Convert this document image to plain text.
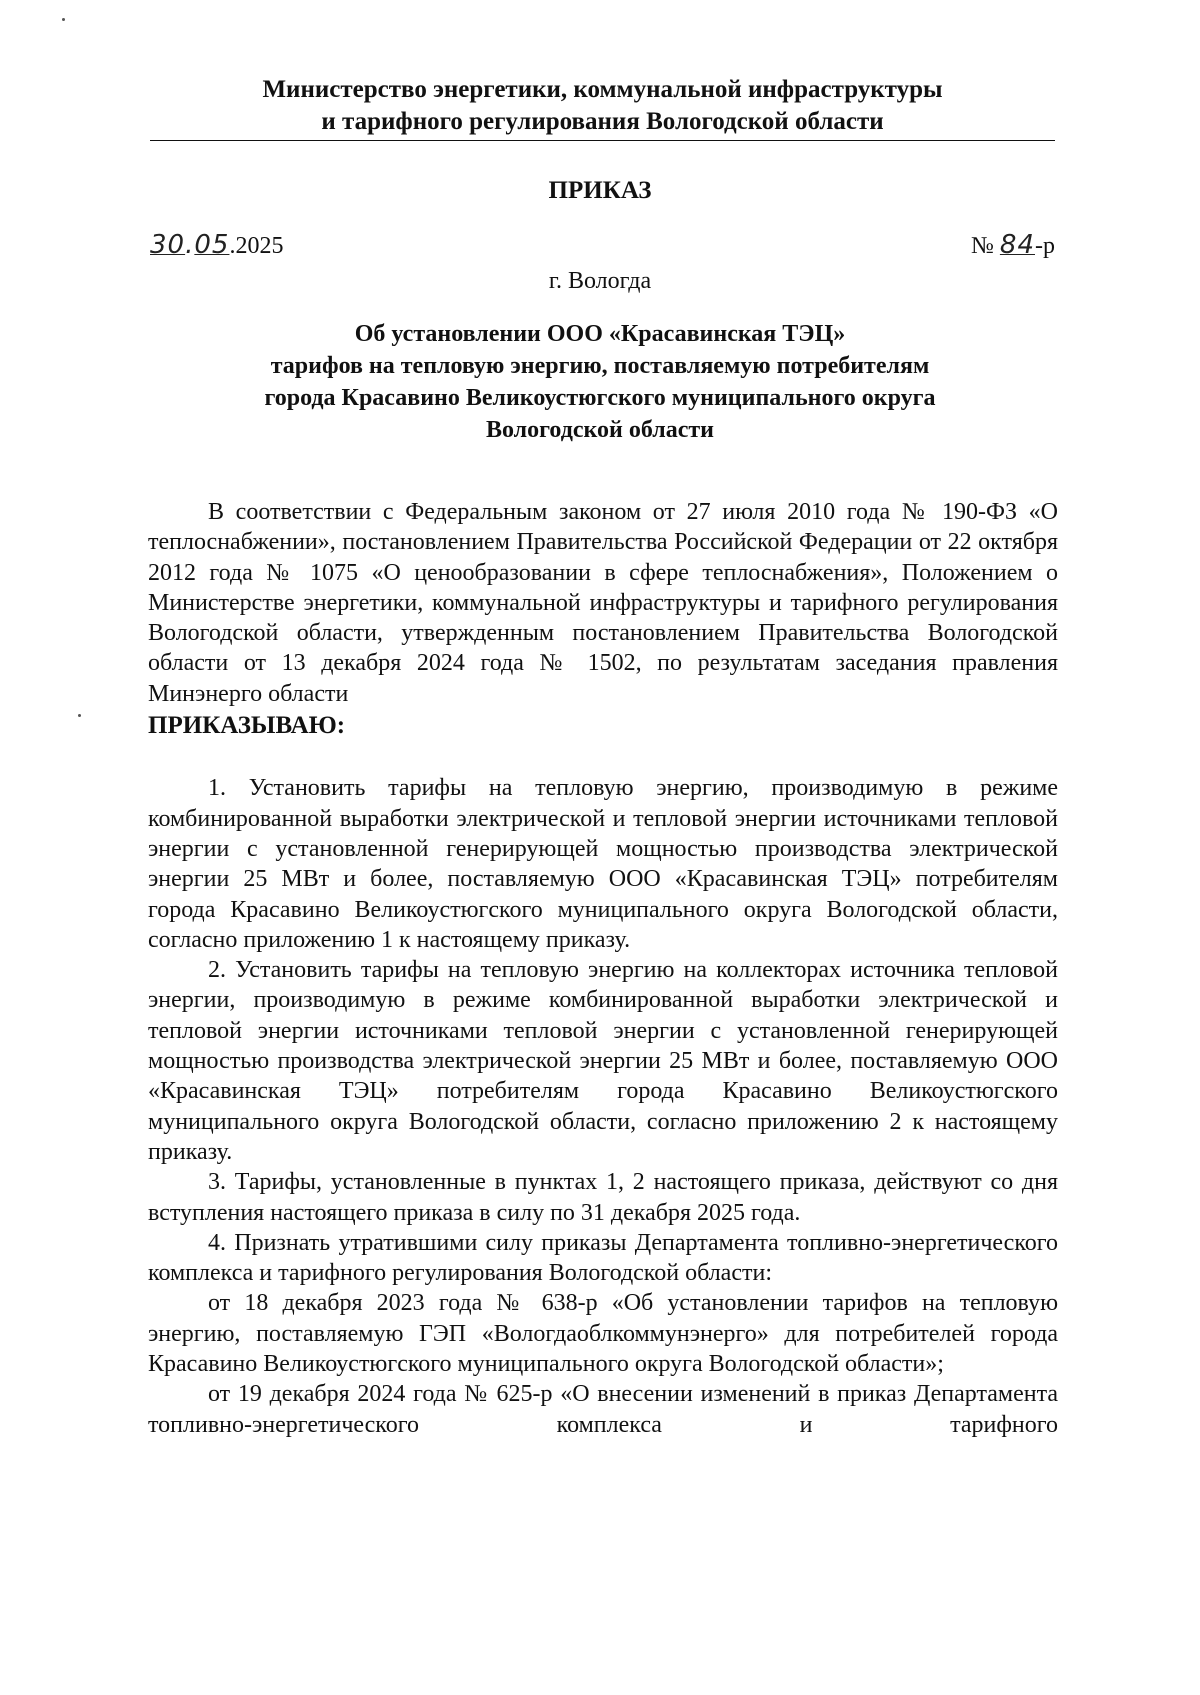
Министерство энергетики, коммунальной инфраструктуры
и тарифного регулирования Вологодской области
ПРИКАЗ
30.05.2025	№ 84-р
г. Вологда
Об установлении ООО «Красавинская ТЭЦ»
тарифов на тепловую энергию, поставляемую потребителям
города Красавино Великоустюгского муниципального округа
Вологодской области

В соответствии с Федеральным законом от 27 июля 2010 года № 190-ФЗ «О теплоснабжении», постановлением Правительства Российской Федерации от 22 октября 2012 года № 1075 «О ценообразовании в сфере теплоснабжения», Положением о Министерстве энергетики, коммунальной инфраструктуры и тарифного регулирования Вологодской области, утвержденным постановлением Правительства Вологодской области от 13 декабря 2024 года № 1502, по результатам заседания правления Минэнерго области

ПРИКАЗЫВАЮ:

1. Установить тарифы на тепловую энергию, производимую в режиме комбинированной выработки электрической и тепловой энергии источниками тепловой энергии с установленной генерирующей мощностью производства электрической энергии 25 МВт и более, поставляемую ООО «Красавинская ТЭЦ» потребителям города Красавино Великоустюгского муниципального округа Вологодской области, согласно приложению 1 к настоящему приказу.

2. Установить тарифы на тепловую энергию на коллекторах источника тепловой энергии, производимую в режиме комбинированной выработки электрической и тепловой энергии источниками тепловой энергии с установленной генерирующей мощностью производства электрической энергии 25 МВт и более, поставляемую ООО «Красавинская ТЭЦ» потребителям города Красавино Великоустюгского муниципального округа Вологодской области, согласно приложению 2 к настоящему приказу.

3. Тарифы, установленные в пунктах 1, 2 настоящего приказа, действуют со дня вступления настоящего приказа в силу по 31 декабря 2025 года.

4. Признать утратившими силу приказы Департамента топливно-энергетического комплекса и тарифного регулирования Вологодской области:

от 18 декабря 2023 года № 638-р «Об установлении тарифов на тепловую энергию, поставляемую ГЭП «Вологдаоблкоммунэнерго» для потребителей города Красавино Великоустюгского муниципального округа Вологодской области»;

от 19 декабря 2024 года № 625-р «О внесении изменений в приказ Департамента топливно-энергетического комплекса и тарифного
